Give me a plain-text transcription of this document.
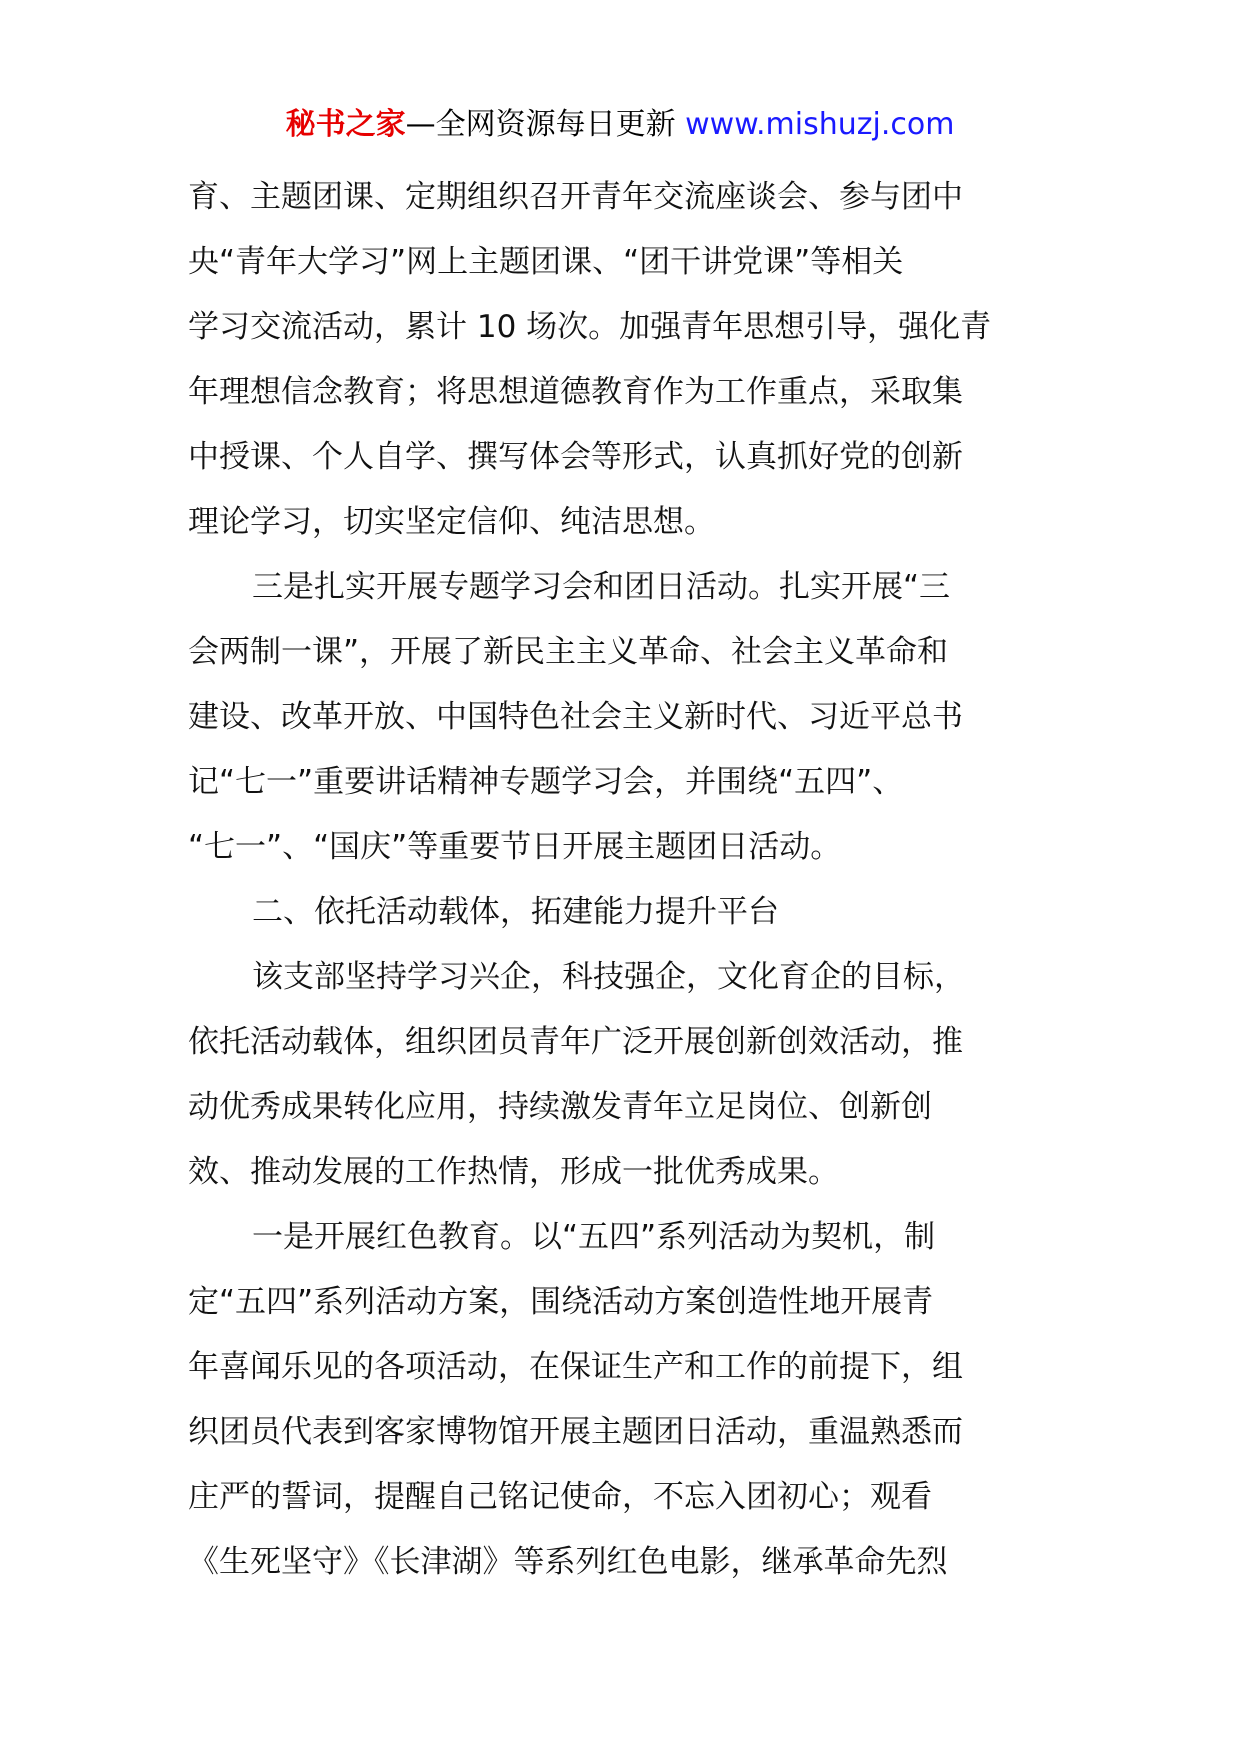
秘书之家—全网资源每日更新 www.mishuzj.com
育、主题团课、定期组织召开青年交流座谈会、参与团中
央“青年大学习”网上主题团课、“团干讲党课”等相关
学习交流活动，累计 10 场次。加强青年思想引导，强化青
年理想信念教育；将思想道德教育作为工作重点，采取集
中授课、个人自学、撰写体会等形式，认真抓好党的创新
理论学习，切实坚定信仰、纯洁思想。
三是扎实开展专题学习会和团日活动。扎实开展“三
会两制一课”，开展了新民主主义革命、社会主义革命和
建设、改革开放、中国特色社会主义新时代、习近平总书
记“七一”重要讲话精神专题学习会，并围绕“五四”、
“七一”、“国庆”等重要节日开展主题团日活动。
二、依托活动载体，拓建能力提升平台
该支部坚持学习兴企，科技强企，文化育企的目标，
依托活动载体，组织团员青年广泛开展创新创效活动，推
动优秀成果转化应用，持续激发青年立足岗位、创新创
效、推动发展的工作热情，形成一批优秀成果。
一是开展红色教育。以“五四”系列活动为契机，制
定“五四”系列活动方案，围绕活动方案创造性地开展青
年喜闻乐见的各项活动，在保证生产和工作的前提下，组
织团员代表到客家博物馆开展主题团日活动，重温熟悉而
庄严的誓词，提醒自己铭记使命，不忘入团初心；观看
《生死坚守》《长津湖》等系列红色电影，继承革命先烈
